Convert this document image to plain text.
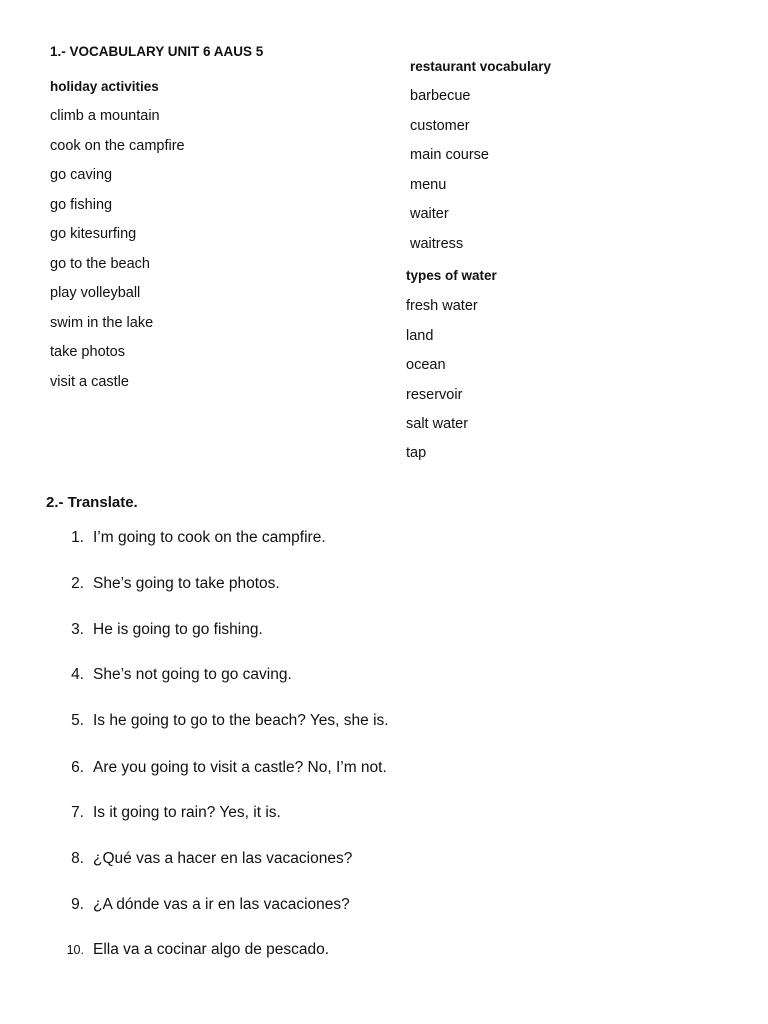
1.- VOCABULARY UNIT 6 AAUS 5
holiday activities
climb a mountain
cook on the campfire
go caving
go fishing
go kitesurfing
go to the beach
play volleyball
swim in the lake
take photos
visit a castle
restaurant vocabulary
barbecue
customer
main course
menu
waiter
waitress
types of water
fresh water
land
ocean
reservoir
salt water
tap
2.- Translate.
1. I’m going to cook on the campfire.
2. She’s going to take photos.
3. He is going to go fishing.
4. She’s not going to go caving.
5. Is he going to go to the beach? Yes, she is.
6. Are you going to visit a castle? No, I’m not.
7. Is it going to rain? Yes, it is.
8. ¿Qué vas a hacer en las vacaciones?
9. ¿A dónde vas a ir en las vacaciones?
10. Ella va a cocinar algo de pescado.
